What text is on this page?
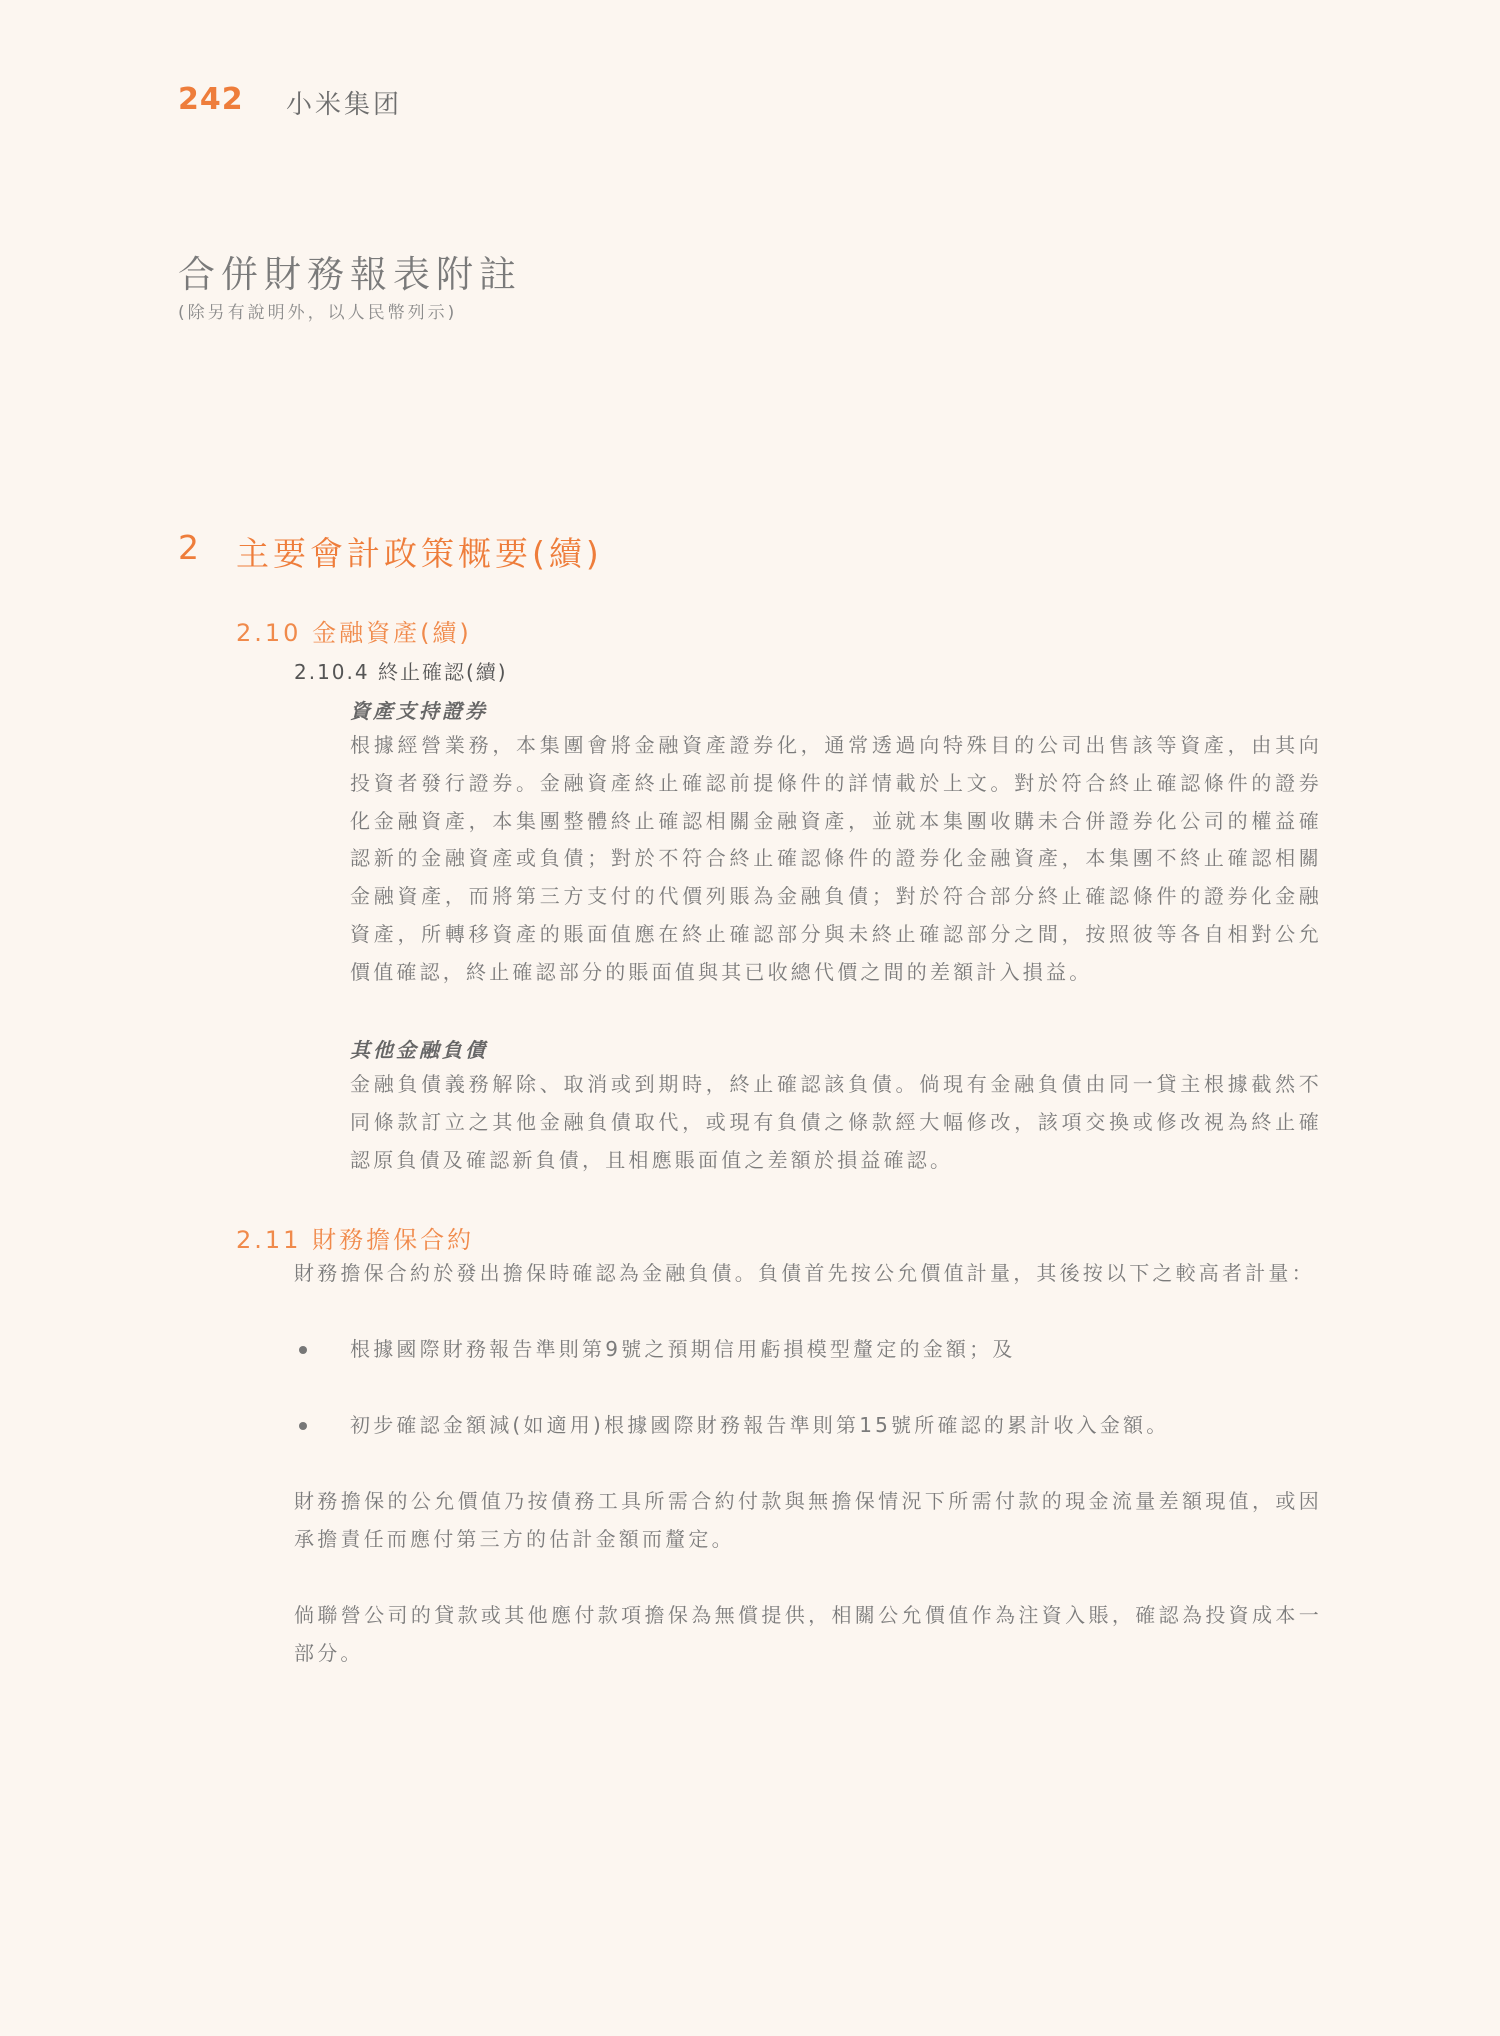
242 小米集团
合併財務報表附註
(除另有說明外，以人民幣列示)
2 主要會計政策概要(續)
2.10 金融資產(續)
2.10.4 終止確認(續)
資產支持證券

根據經營業務，本集團會將金融資產證券化，通常透過向特殊目的公司出售該等資產，由其向投資者發行證券。金融資產終止確認前提條件的詳情載於上文。對於符合終止確認條件的證券化金融資產，本集團整體終止確認相關金融資產，並就本集團收購未合併證券化公司的權益確認新的金融資產或負債；對於不符合終止確認條件的證券化金融資產，本集團不終止確認相關金融資產，而將第三方支付的代價列賬為金融負債；對於符合部分終止確認條件的證券化金融資產，所轉移資產的賬面值應在終止確認部分與未終止確認部分之間，按照彼等各自相對公允價值確認，終止確認部分的賬面值與其已收總代價之間的差額計入損益。

其他金融負債

金融負債義務解除、取消或到期時，終止確認該負債。倘現有金融負債由同一貸主根據截然不同條款訂立之其他金融負債取代，或現有負債之條款經大幅修改，該項交換或修改視為終止確認原負債及確認新負債，且相應賬面值之差額於損益確認。

2.11 財務擔保合約

財務擔保合約於發出擔保時確認為金融負債。負債首先按公允價值計量，其後按以下之較高者計量：

根據國際財務報告準則第9號之預期信用虧損模型釐定的金額；及

初步確認金額減(如適用)根據國際財務報告準則第15號所確認的累計收入金額。

財務擔保的公允價值乃按債務工具所需合約付款與無擔保情況下所需付款的現金流量差額現值，或因承擔責任而應付第三方的估計金額而釐定。

倘聯營公司的貸款或其他應付款項擔保為無償提供，相關公允價值作為注資入賬，確認為投資成本一部分。
